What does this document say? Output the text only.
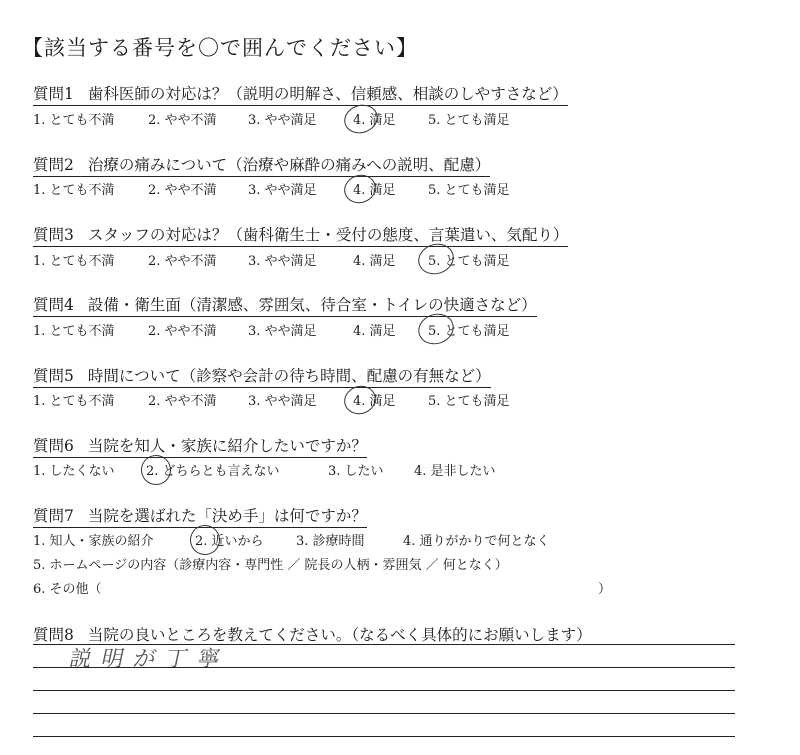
【該当する番号を〇で囲んでください】
質問1 歯科医師の対応は？（説明の明解さ、信頼感、相談のしやすさなど）
1. とても不満	2. やや不満 3. やや満足	4. 満足 5. とても満足
質問2 治療の痛みについて（治療や麻酔の痛みへの説明、配慮）
1. とても不満	2. やや不満 3. やや満足	4. 満足 5. とても満足
質問3 スタッフの対応は？（歯科衛生士・受付の態度、言葉遣い、気配り）
1. とても不満	2. やや不満 3. やや満足	4. 満足 5. とても満足
質問4 設備・衛生面（清潔感、雰囲気、待合室・トイレの快適さなど）
1. とても不満	2. やや不満 3. やや満足	4. 満足 5. とても満足
質問5 時間について（診察や会計の待ち時間、配慮の有無など）
1. とても不満	2. やや不満 3. やや満足	4. 満足 5. とても満足
質問6 当院を知人・家族に紹介したいですか？
1. したくない 2. どちらとも言えない	3. したい 4. 是非したい
質問7 当院を選ばれた「決め手」は何ですか？
1. 知人・家族の紹介	2. 近いから 3. 診療時間	4. 通りがかりで何となく
5. ホームページの内容（診療内容・専門性 ／ 院長の人柄・雰囲気 ／ 何となく）
6. その他（	）
質問8 当院の良いところを教えてください。（なるべく具体的にお願いします）
説明が丁寧
